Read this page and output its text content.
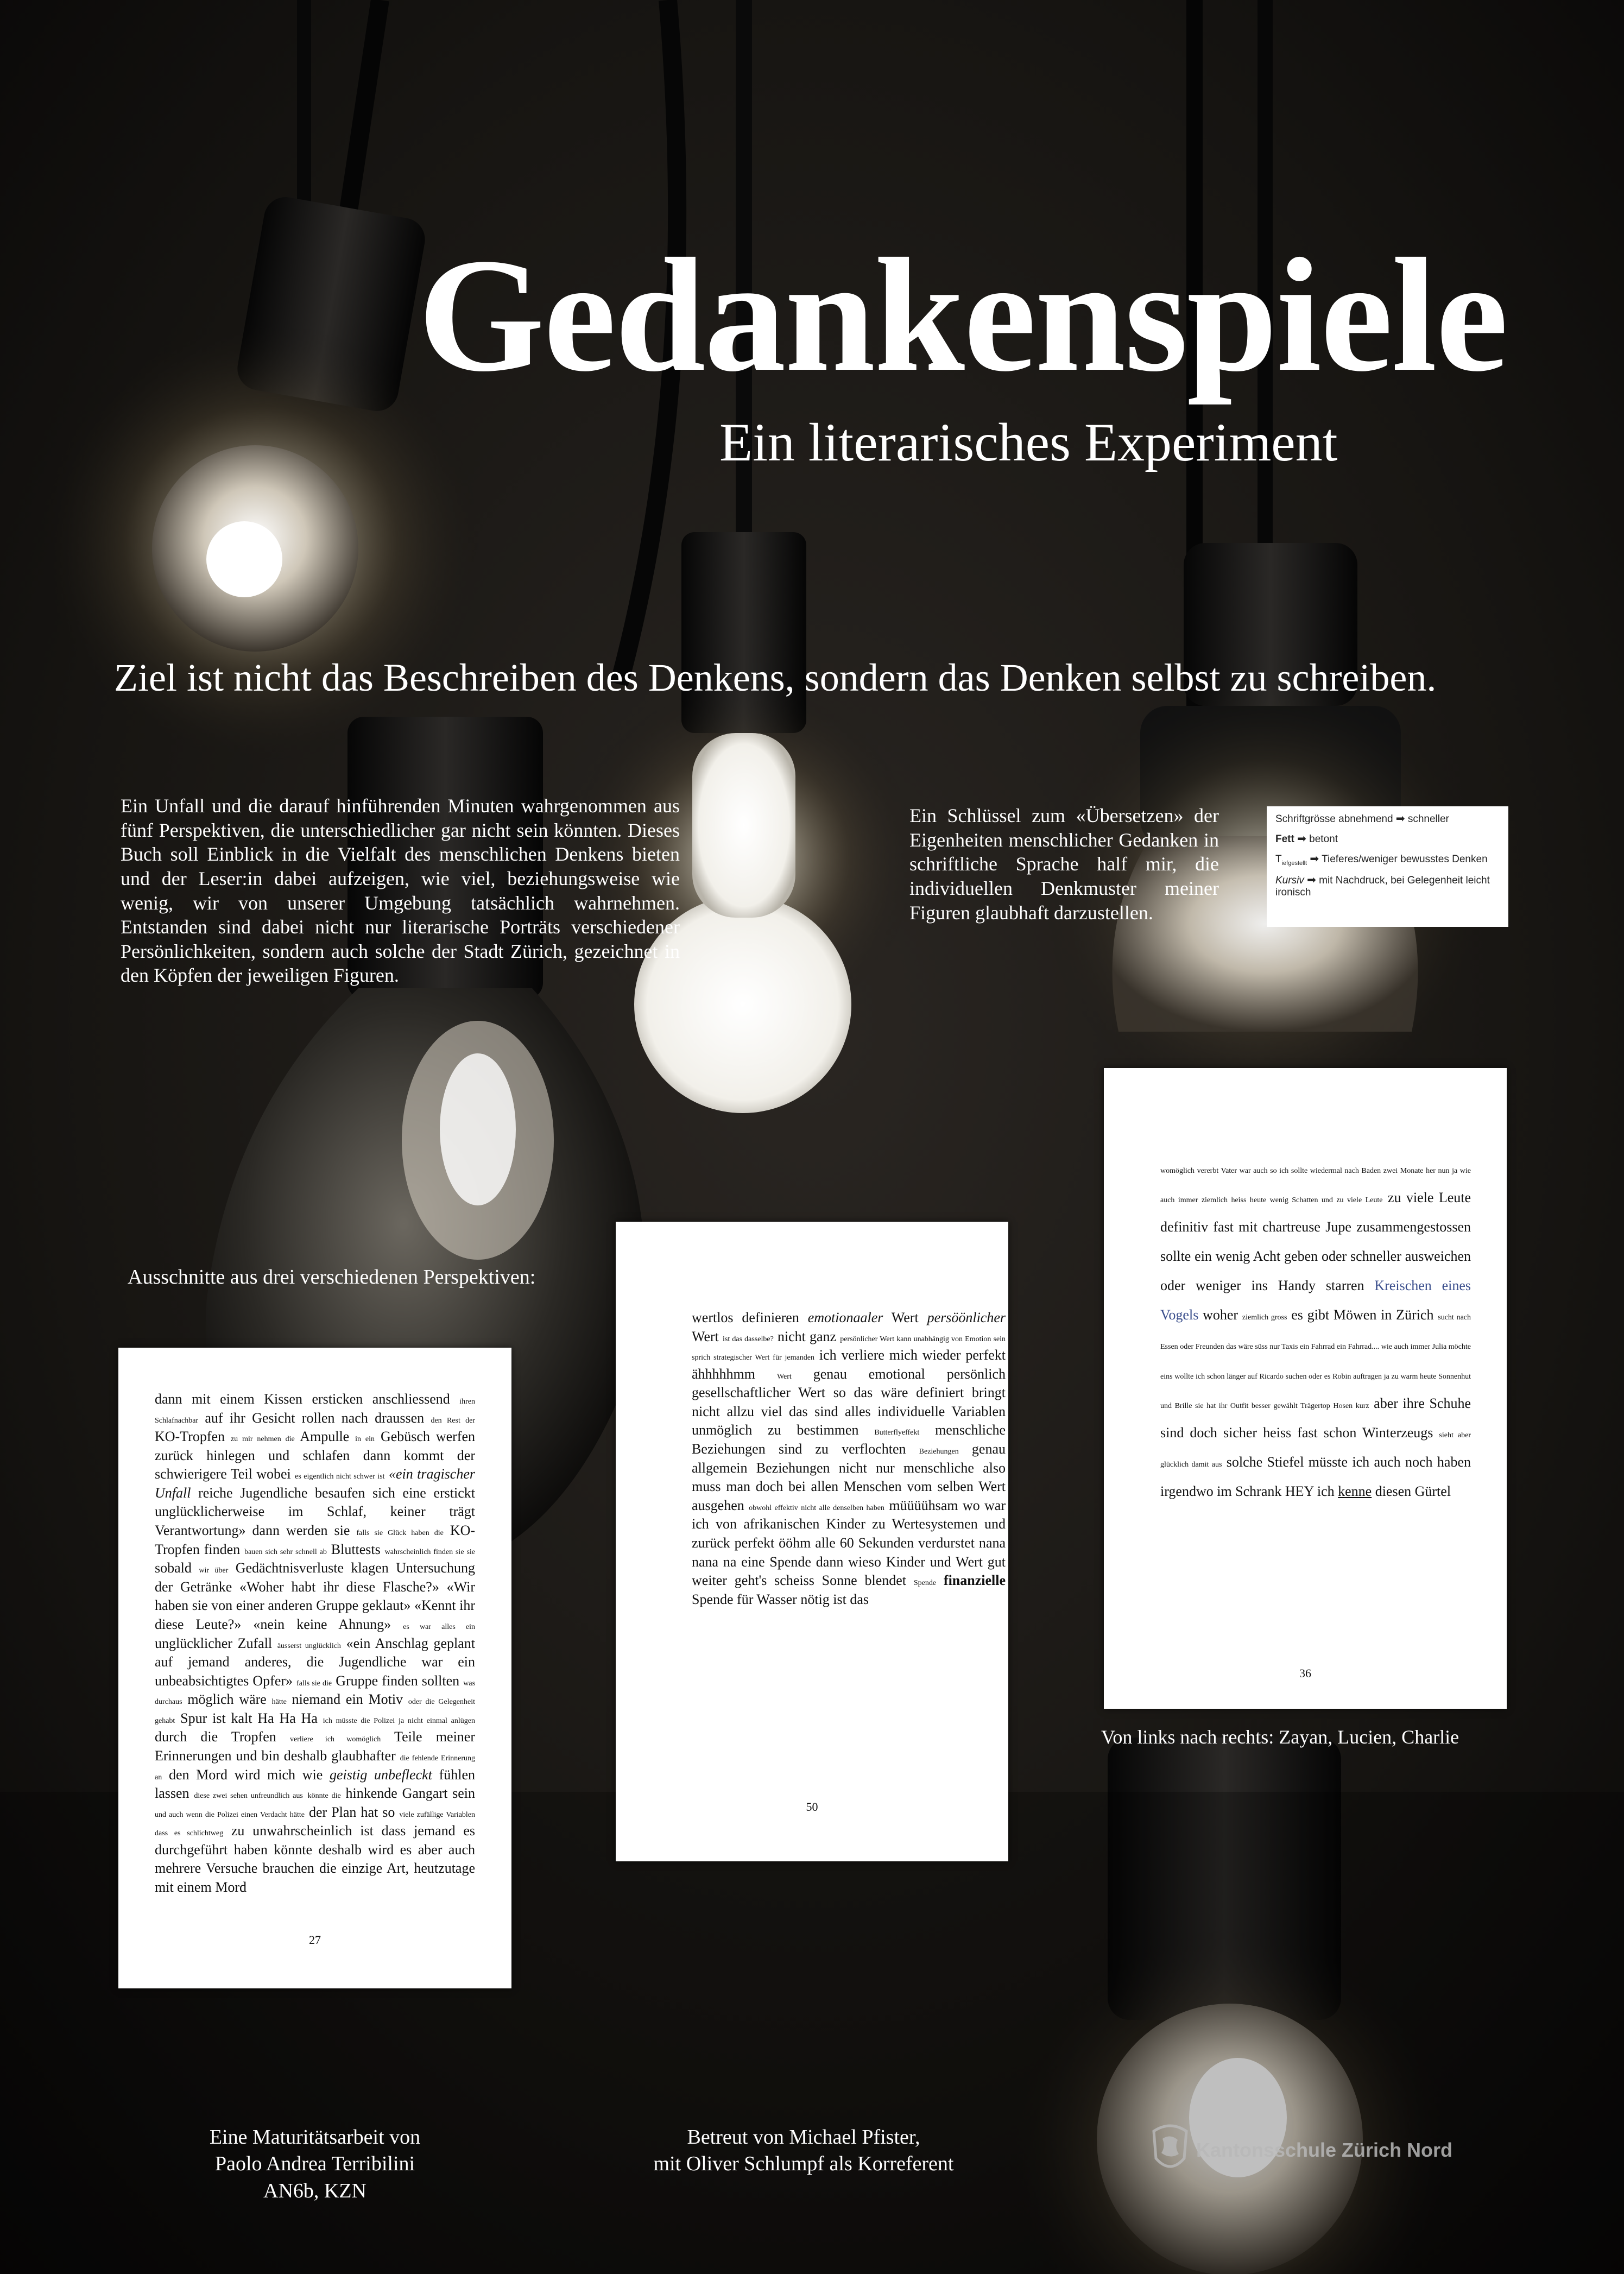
Gedankenspiele
Ein literarisches Experiment
Ziel ist nicht das Beschreiben des Denkens, sondern das Denken selbst zu schreiben.
Ein Unfall und die darauf hinführenden Minuten wahrgenommen aus fünf Perspektiven, die unterschiedlicher gar nicht sein könnten. Dieses Buch soll Einblick in die Vielfalt des menschlichen Denkens bieten und der Leser:in dabei aufzeigen, wie viel, beziehungsweise wie wenig, wir von unserer Umgebung tatsächlich wahrnehmen. Entstanden sind dabei nicht nur literarische Porträts verschiedener Persönlichkeiten, sondern auch solche der Stadt Zürich, gezeichnet in den Köpfen der jeweiligen Figuren.
Ein Schlüssel zum «Übersetzen» der Eigenheiten menschlicher Gedanken in schriftliche Sprache half mir, die individuellen Denkmuster meiner Figuren glaubhaft darzustellen.
Schriftgrösse abnehmend ➡ schneller
Fett ➡ betont
$T_{iefgestellt}$ ➡ Tieferes/weniger bewusstes Denken
Kursiv ➡ mit Nachdruck, bei Gelegenheit leicht ironisch
Ausschnitte aus drei verschiedenen Perspektiven:
dann mit einem Kissen ersticken anschliessend ihren Schlafnachbar auf ihr Gesicht rollen nach draussen den Rest der KO-Tropfen zu mir nehmen die Ampulle in ein Gebüsch werfen zurück hinlegen und schlafen dann kommt der schwierigere Teil wobei es eigentlich nicht schwer ist «ein tragischer Unfall reiche Jugendliche besaufen sich eine erstickt unglücklicherweise im Schlaf, keiner trägt Verantwortung» dann werden sie falls sie Glück haben die KO-Tropfen finden bauen sich sehr schnell ab Bluttests wahrscheinlich finden sie sie sobald wir über Gedächtnisverluste klagen Untersuchung der Getränke «Woher habt ihr diese Flasche?» «Wir haben sie von einer anderen Gruppe geklaut» «Kennt ihr diese Leute?» «nein keine Ahnung» es war alles ein unglücklicher Zufall äusserst unglücklich «ein Anschlag geplant auf jemand anderes, die Jugendliche war ein unbeabsichtigtes Opfer» falls sie die Gruppe finden sollten was durchaus möglich wäre hätte niemand ein Motiv oder die Gelegenheit gehabt Spur ist kalt Ha Ha Ha ich müsste die Polizei ja nicht einmal anlügen durch die Tropfen verliere ich womöglich Teile meiner Erinnerungen und bin deshalb glaubhafter die fehlende Erinnerung an den Mord wird mich wie geistig unbefleckt fühlen lassen diese zwei sehen unfreundlich aus könnte die hinkende Gangart sein und auch wenn die Polizei einen Verdacht hätte der Plan hat so viele zufällige Variablen dass es schlichtweg zu unwahrscheinlich ist dass jemand es durchgeführt haben könnte deshalb wird es aber auch mehrere Versuche brauchen die einzige Art, heutzutage mit einem Mord
27
wertlos definieren emotionaaler Wert persöönlicher Wert ist das dasselbe? nicht ganz persönlicher Wert kann unabhängig von Emotion sein sprich strategischer Wert für jemanden ich verliere mich wieder perfekt ähhhhhmm	Wert genau emotional persönlich gesellschaftlicher Wert so das wäre definiert bringt nicht allzu viel das sind alles individuelle Variablen unmöglich zu bestimmen Butterflyeffekt menschliche Beziehungen sind zu verflochten Beziehungen genau allgemein Beziehungen nicht nur menschliche also muss man doch bei allen Menschen vom selben Wert ausgehen obwohl effektiv nicht alle denselben haben müüüühsam wo war ich von afrikanischen Kinder zu Wertesystemen und zurück perfekt ööhm alle 60 Sekunden verdurstet nana nana na eine Spende dann wieso Kinder und Wert gut weiter geht's scheiss Sonne blendet Spende finanzielle Spende für Wasser nötig ist das
50
womöglich vererbt Vater war auch so ich sollte wiedermal nach Baden zwei Monate her nun ja wie auch immer ziemlich heiss heute wenig Schatten und zu viele Leute zu viele Leute definitiv fast mit chartreuse Jupe zusammengestossen sollte ein wenig Acht geben oder schneller ausweichen oder weniger ins Handy starren Kreischen eines Vogels woher ziemlich gross es gibt Möwen in Zürich sucht nach Essen oder Freunden das wäre süss nur Taxis ein Fahrrad ein Fahrrad.... wie auch immer Julia möchte eins wollte ich schon länger auf Ricardo suchen oder es Robin auftragen ja zu warm heute Sonnenhut und Brille sie hat ihr Outfit besser gewählt Trägertop Hosen kurz aber ihre Schuhe sind doch sicher heiss fast schon Winterzeugs sieht aber glücklich damit aus solche Stiefel müsste ich auch noch haben irgendwo im Schrank HEY ich kenne diesen Gürtel
36
Von links nach rechts: Zayan, Lucien, Charlie
Eine Maturitätsarbeit von
Paolo Andrea Terribilini
AN6b, KZN
Betreut von Michael Pfister,
mit Oliver Schlumpf als Korreferent
Kantonsschule Zürich Nord
